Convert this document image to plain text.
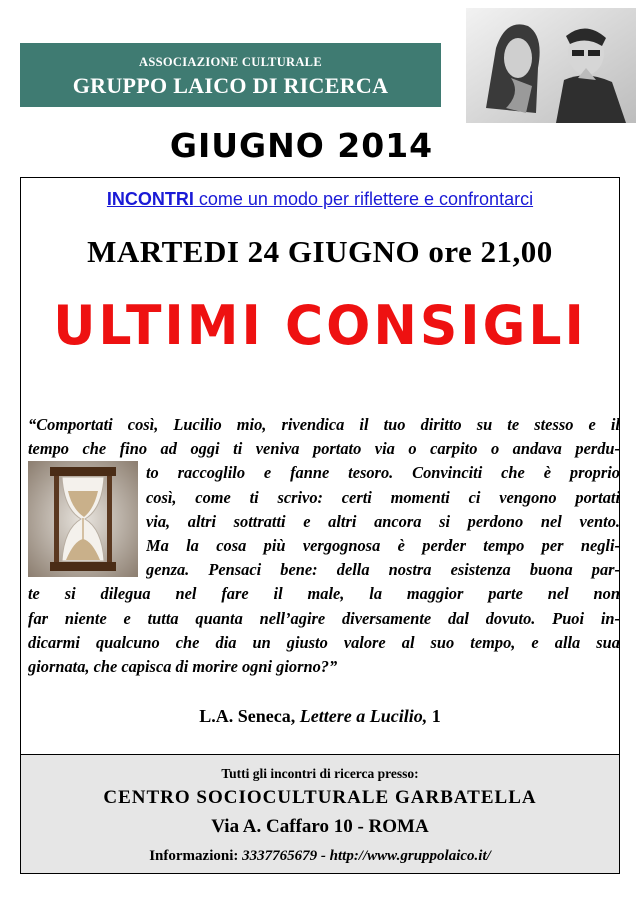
ASSOCIAZIONE CULTURALE
GRUPPO LAICO DI RICERCA
GIUGNO 2014
INCONTRI come un modo per riflettere e confrontarci
MARTEDI 24 GIUGNO ore 21,00
ULTIMI CONSIGLI
“Comportati così, Lucilio mio, rivendica il tuo diritto su te stesso e il
tempo che fino ad oggi ti veniva portato via o carpito o andava perdu-
to raccoglilo e fanne tesoro. Convinciti che è proprio
così, come ti scrivo: certi momenti ci vengono portati
via, altri sottratti e altri ancora si perdono nel vento.
Ma la cosa più vergognosa è perder tempo per negli-
genza. Pensaci bene: della nostra esistenza buona par-
te si dilegua nel fare il male, la maggior parte nel non
far niente e tutta quanta nell’agire diversamente dal dovuto. Puoi in-
dicarmi qualcuno che dia un giusto valore al suo tempo, e alla sua
giornata, che capisca di morire ogni giorno?”
L.A. Seneca, Lettere a Lucilio, 1
Tutti gli incontri di ricerca presso:
CENTRO SOCIOCULTURALE GARBATELLA
Via A. Caffaro 10 - ROMA
Informazioni: 3337765679 - http://www.gruppolaico.it/
